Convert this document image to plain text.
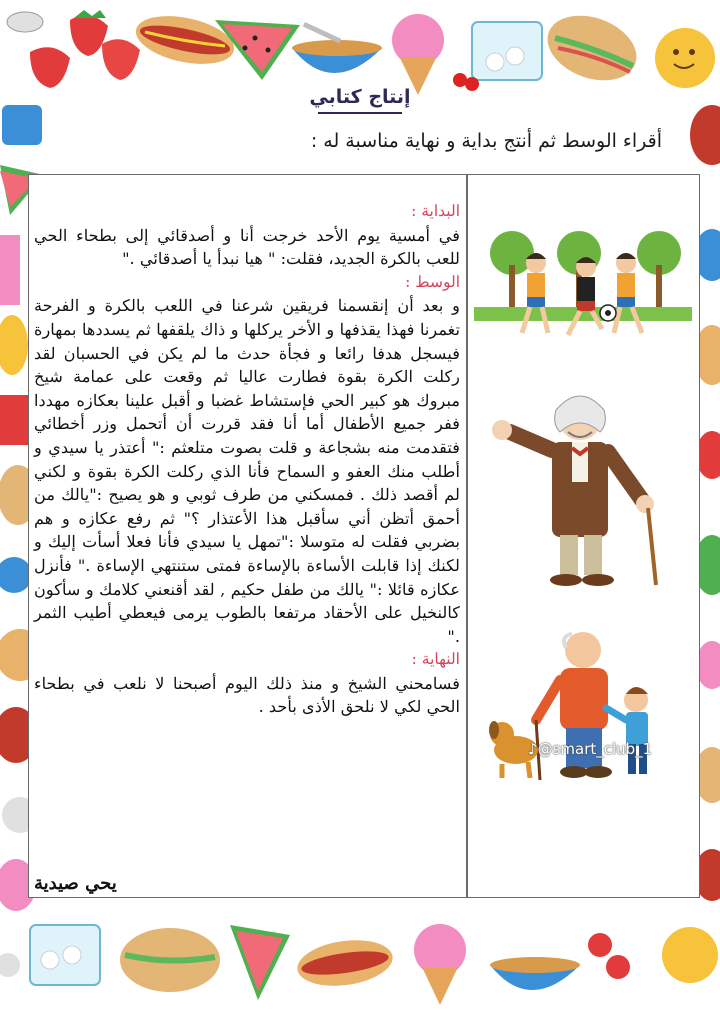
إنتاج كتابي
أقراء الوسط ثم أنتج بداية و نهاية مناسبة له :
البداية :
في أمسية يوم الأحد خرجت أنا و أصدقائي إلى بطحاء الحي للعب بالكرة الجديد، فقلت: " هيا نبدأ يا أصدقائي ."
الوسط :
و بعد أن إنقسمنا فريقين شرعنا في اللعب بالكرة و الفرحة تغمرنا فهذا يقذفها و الأخر يركلها و ذاك يلقفها ثم يسددها بمهارة فيسجل هدفا رائعا و فجأة حدث ما لم يكن في الحسبان لقد ركلت الكرة بقوة فطارت عاليا ثم وقعت على عمامة شيخ مبروك هو كبير الحي فإستشاط غضبا و أقبل علينا بعكازه مهددا ففر جميع الأطفال أما أنا فقد قررت أن أتحمل وزر أخطائي فتقدمت منه بشجاعة و قلت بصوت متلعثم :" أعتذر يا سيدي و أطلب منك العفو و السماح فأنا الذي ركلت الكرة بقوة و لكني لم أقصد ذلك . فمسكني من طرف ثوبي و هو يصيح :"يالك من أحمق أتظن أني سأقبل هذا الأعتذار ؟" ثم رفع عكازه و هم بضربي فقلت له متوسلا :"تمهل يا سيدي فأنا فعلا أسأت إليك و لكنك إذا قابلت الأساءة بالإساءة فمتى ستنتهي الإساءة ." فأنزل عكازه قائلا :" يالك من طفل حكيم , لقد أقنعني كلامك و سأكون كالنخيل على الأحقاد مرتفعا بالطوب يرمى فيعطي أطيب الثمر ."
النهاية :
فسامحني الشيخ و منذ ذلك اليوم أصبحنا لا نلعب في بطحاء الحي لكي لا نلحق الأذى بأحد .
يحي صيدية
♪@smart_club_1
